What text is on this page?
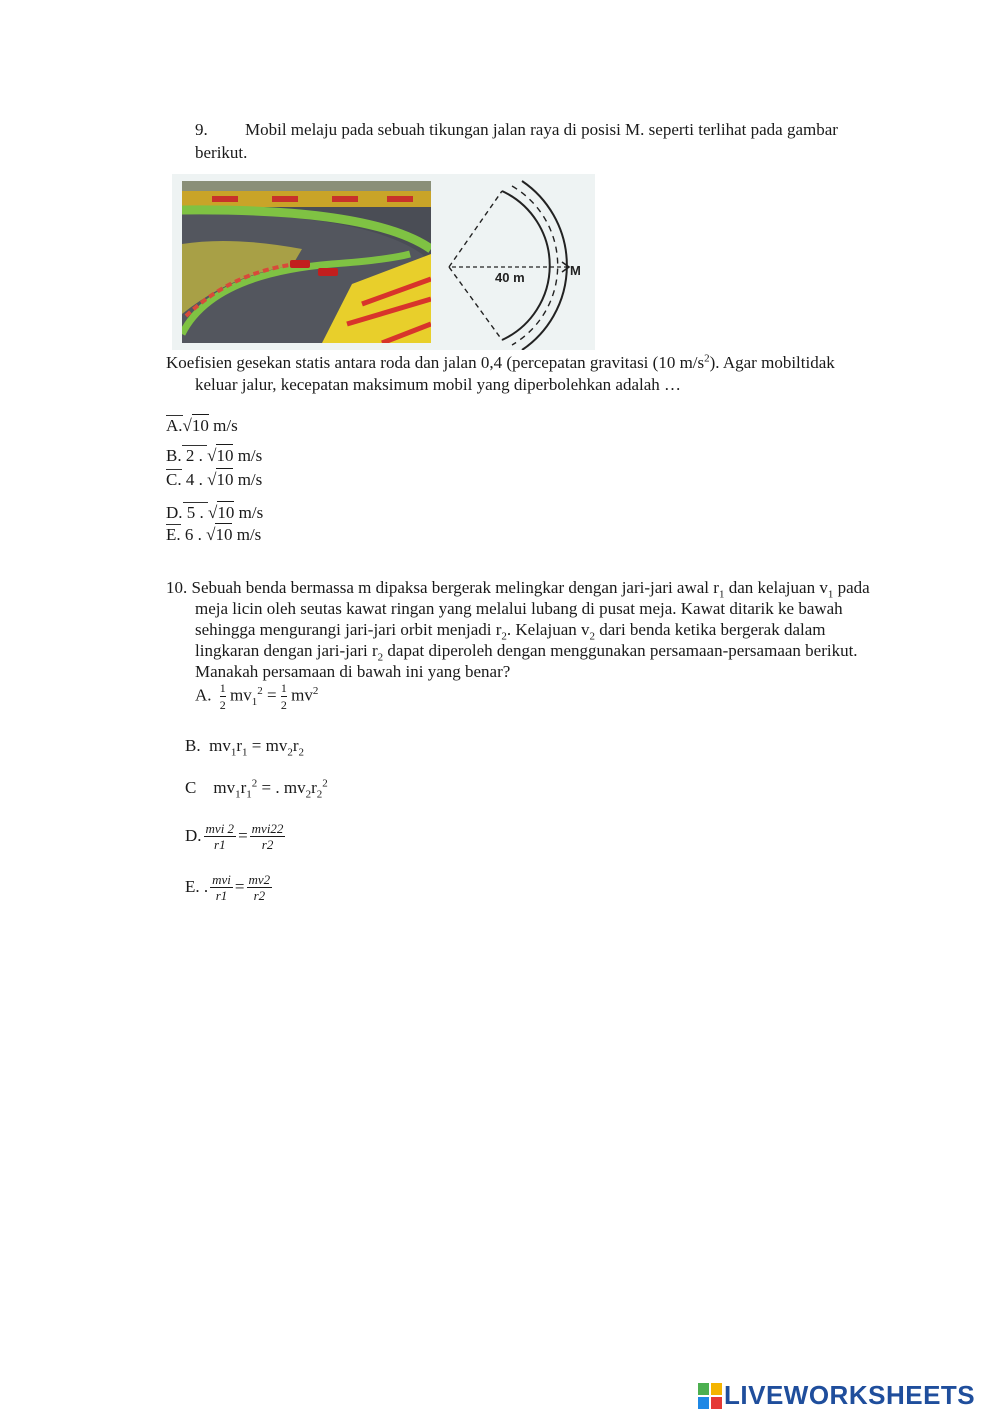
9. Mobil melaju pada sebuah tikungan jalan raya di posisi M. seperti terlihat pada gambar
berikut.
40 m	M
Koefisien gesekan statis antara roda dan jalan 0,4 (percepatan gravitasi (10 $m/s^2$). Agar mobiltidak
keluar jalur, kecepatan maksimum mobil yang diperbolehkan adalah …
A.√10 m/s
B. 2 . √10 m/s
C. 4 . √10 m/s
D. 5 . √10 m/s
E. 6 . √10 m/s
10. Sebuah benda bermassa m dipaksa bergerak melingkar dengan jari-jari awal $r_1$ dan kelajuan $v_1$ pada
meja licin oleh seutas kawat ringan yang melalui lubang di pusat meja. Kawat ditarik ke bawah
sehingga mengurangi jari-jari orbit menjadi $r_2$. Kelajuan $v_2$ dari benda ketika bergerak dalam
lingkaran dengan jari-jari $r_2$ dapat diperoleh dengan menggunakan persamaan-persamaan berikut.
Manakah persamaan di bawah ini yang benar?
A. $\frac{1}{2} mv_1^2 = \frac{1}{2} mv^2$
B. $mv_1r_1 = mv_2r_2$
C $mv_1r_1^2$ = . $mv_2r_2^2$
D. $\frac{\text{mvi 2}}{r1} = \frac{\text{mvi22}}{r2}$
E. . $\frac{\text{mvi}}{r1} = \frac{mv2}{r2}$
LIVEWORKSHEETS
